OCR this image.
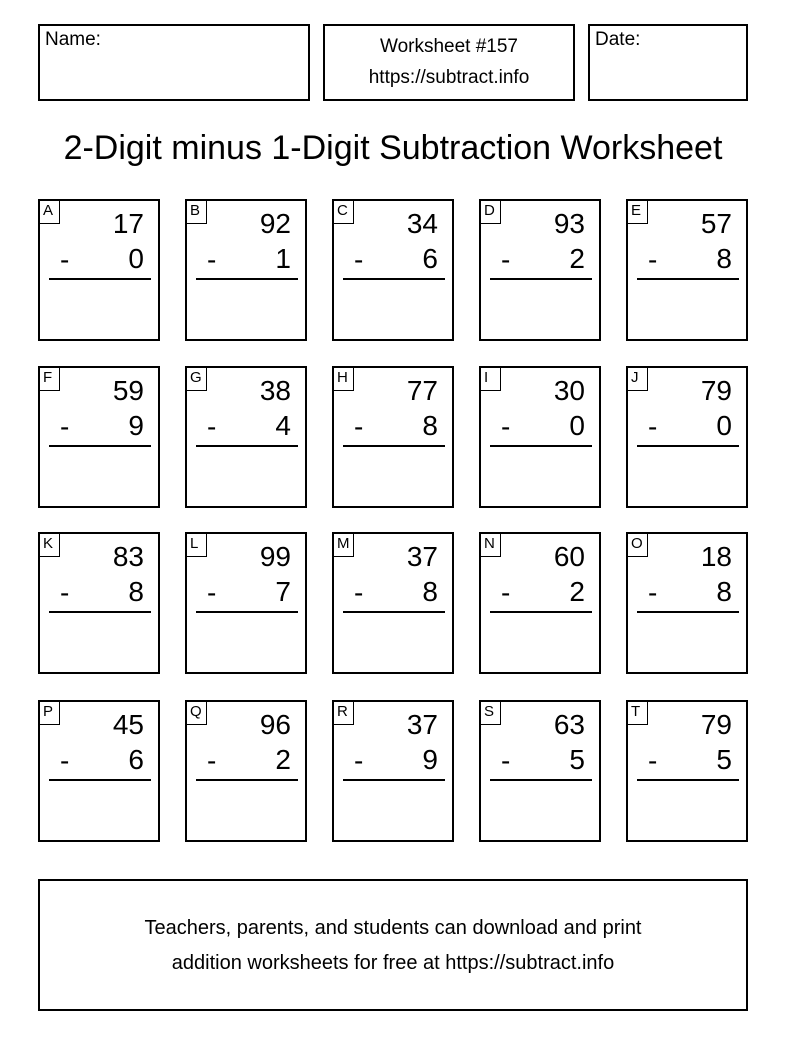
Name:	Worksheet #157
https://subtract.info
Date:
2-Digit minus 1-Digit Subtraction Worksheet
A 17
- 0
B 92
- 1
C 34
- 6
D 93
- 2
E 57
- 8
F 59
- 9
G 38
- 4
H 77
- 8
I	30
- 0
J	79
- 0
K 83
- 8
L	99
- 7
M 37
- 8
N 60
- 2
O 18
- 8
P 45
- 6
Q 96
- 2
R 37
- 9
S 63
- 5
T 79
- 5
Teachers, parents, and students can download and print
addition worksheets for free at https://subtract.info
